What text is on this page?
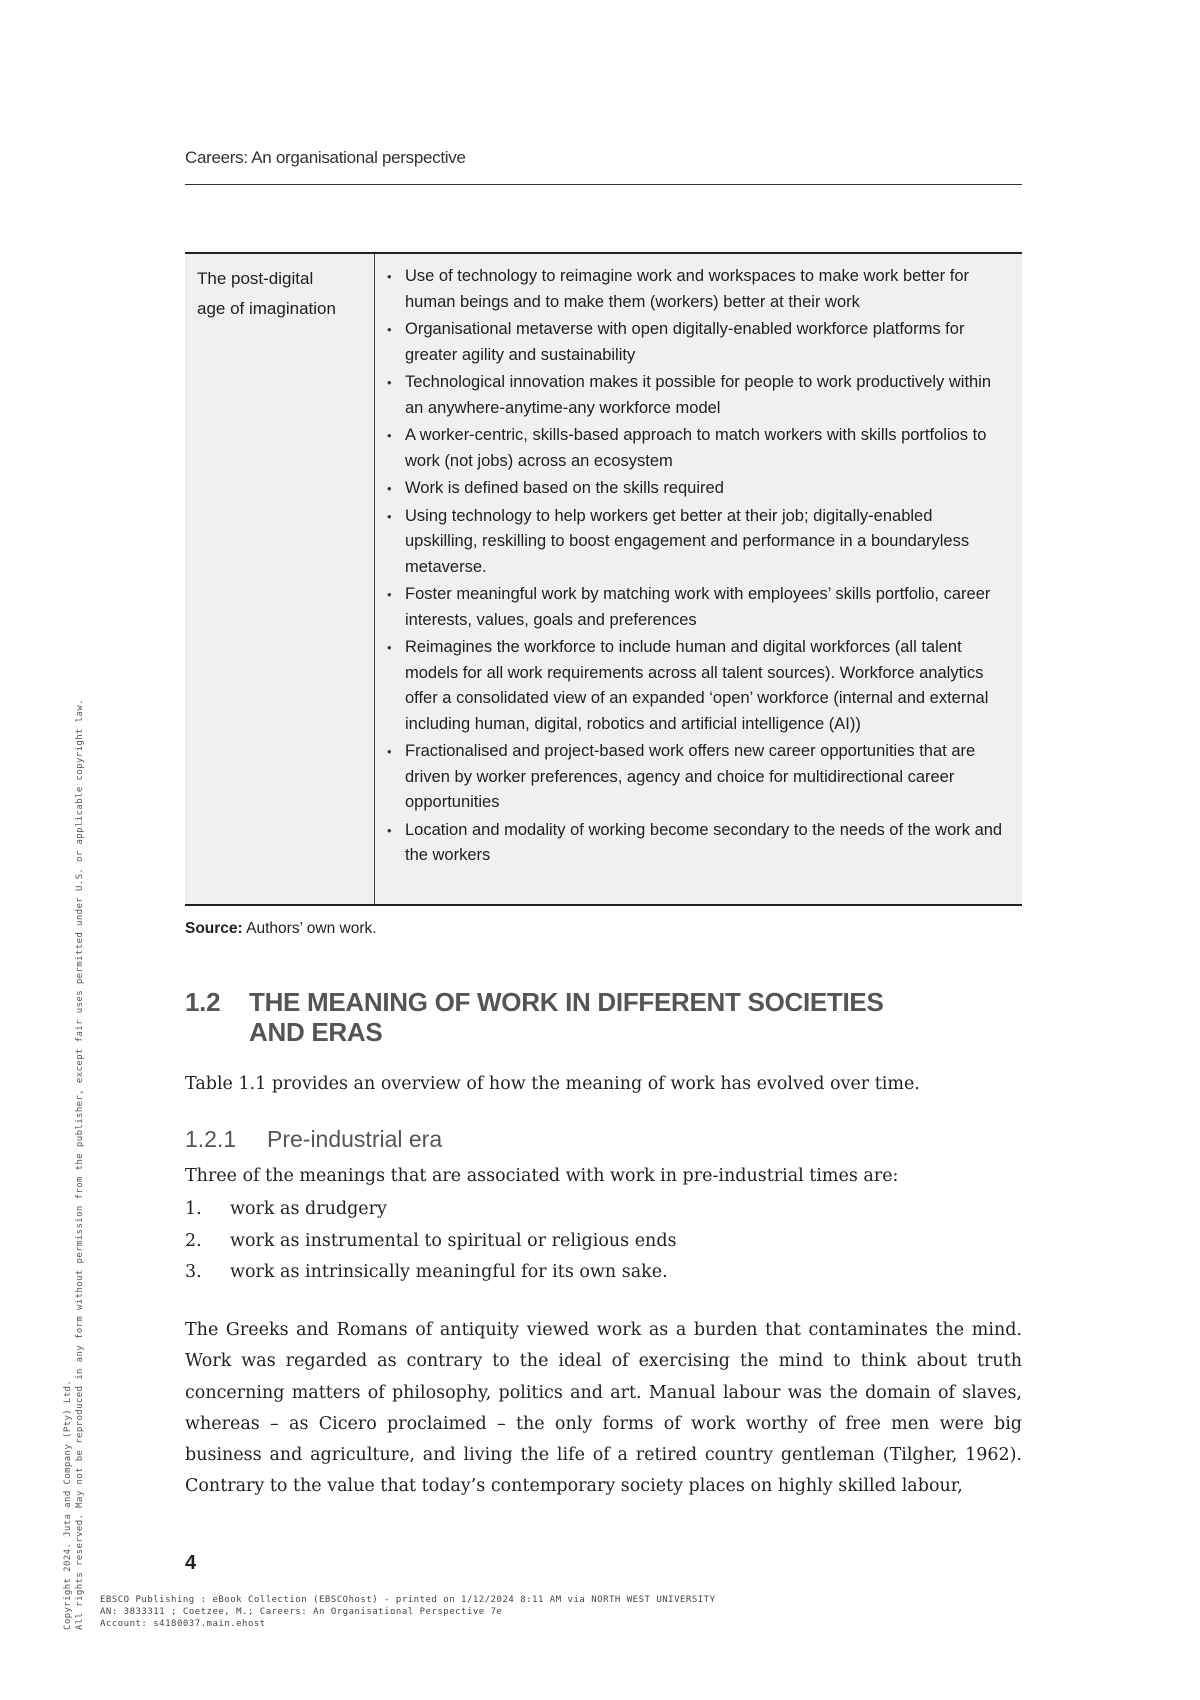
Careers: An organisational perspective
The post-digital
age of imagination
• Use of technology to reimagine work and workspaces to make work better for human beings and to make them (workers) better at their work
• Organisational metaverse with open digitally-enabled workforce platforms for greater agility and sustainability
• Technological innovation makes it possible for people to work productively within an anywhere-anytime-any workforce model
• A worker-centric, skills-based approach to match workers with skills portfolios to work (not jobs) across an ecosystem
• Work is defined based on the skills required
• Using technology to help workers get better at their job; digitally-enabled upskilling, reskilling to boost engagement and performance in a boundaryless metaverse.
• Foster meaningful work by matching work with employees’ skills portfolio, career interests, values, goals and preferences
• Reimagines the workforce to include human and digital workforces (all talent models for all work requirements across all talent sources). Workforce analytics offer a consolidated view of an expanded ‘open’ workforce (internal and external including human, digital, robotics and artificial intelligence (AI))
• Fractionalised and project-based work offers new career opportunities that are driven by worker preferences, agency and choice for multidirectional career opportunities
• Location and modality of working become secondary to the needs of the work and the workers
Source: Authors’ own work.
1.2 THE MEANING OF WORK IN DIFFERENT SOCIETIES AND ERAS
Table 1.1 provides an overview of how the meaning of work has evolved over time.
1.2.1 Pre-industrial era
Three of the meanings that are associated with work in pre-industrial times are:
1. work as drudgery
2. work as instrumental to spiritual or religious ends
3. work as intrinsically meaningful for its own sake.

The Greeks and Romans of antiquity viewed work as a burden that contaminates the mind. Work was regarded as contrary to the ideal of exercising the mind to think about truth concerning matters of philosophy, politics and art. Manual labour was the domain of slaves, whereas – as Cicero proclaimed – the only forms of work worthy of free men were big business and agriculture, and living the life of a retired country gentleman (Tilgher, 1962). Contrary to the value that today’s contemporary society places on highly skilled labour,

4
EBSCO Publishing : eBook Collection (EBSCOhost) - printed on 1/12/2024 8:11 AM via NORTH WEST UNIVERSITY
AN: 3833311 ; Coetzee, M.; Careers: An Organisational Perspective 7e
Account: s4180037.main.ehost
Copyright 2024. Juta and Company (Pty) Ltd. All rights reserved. May not be reproduced in any form without permission from the publisher, except fair uses permitted under U.S. or applicable copyright law.
